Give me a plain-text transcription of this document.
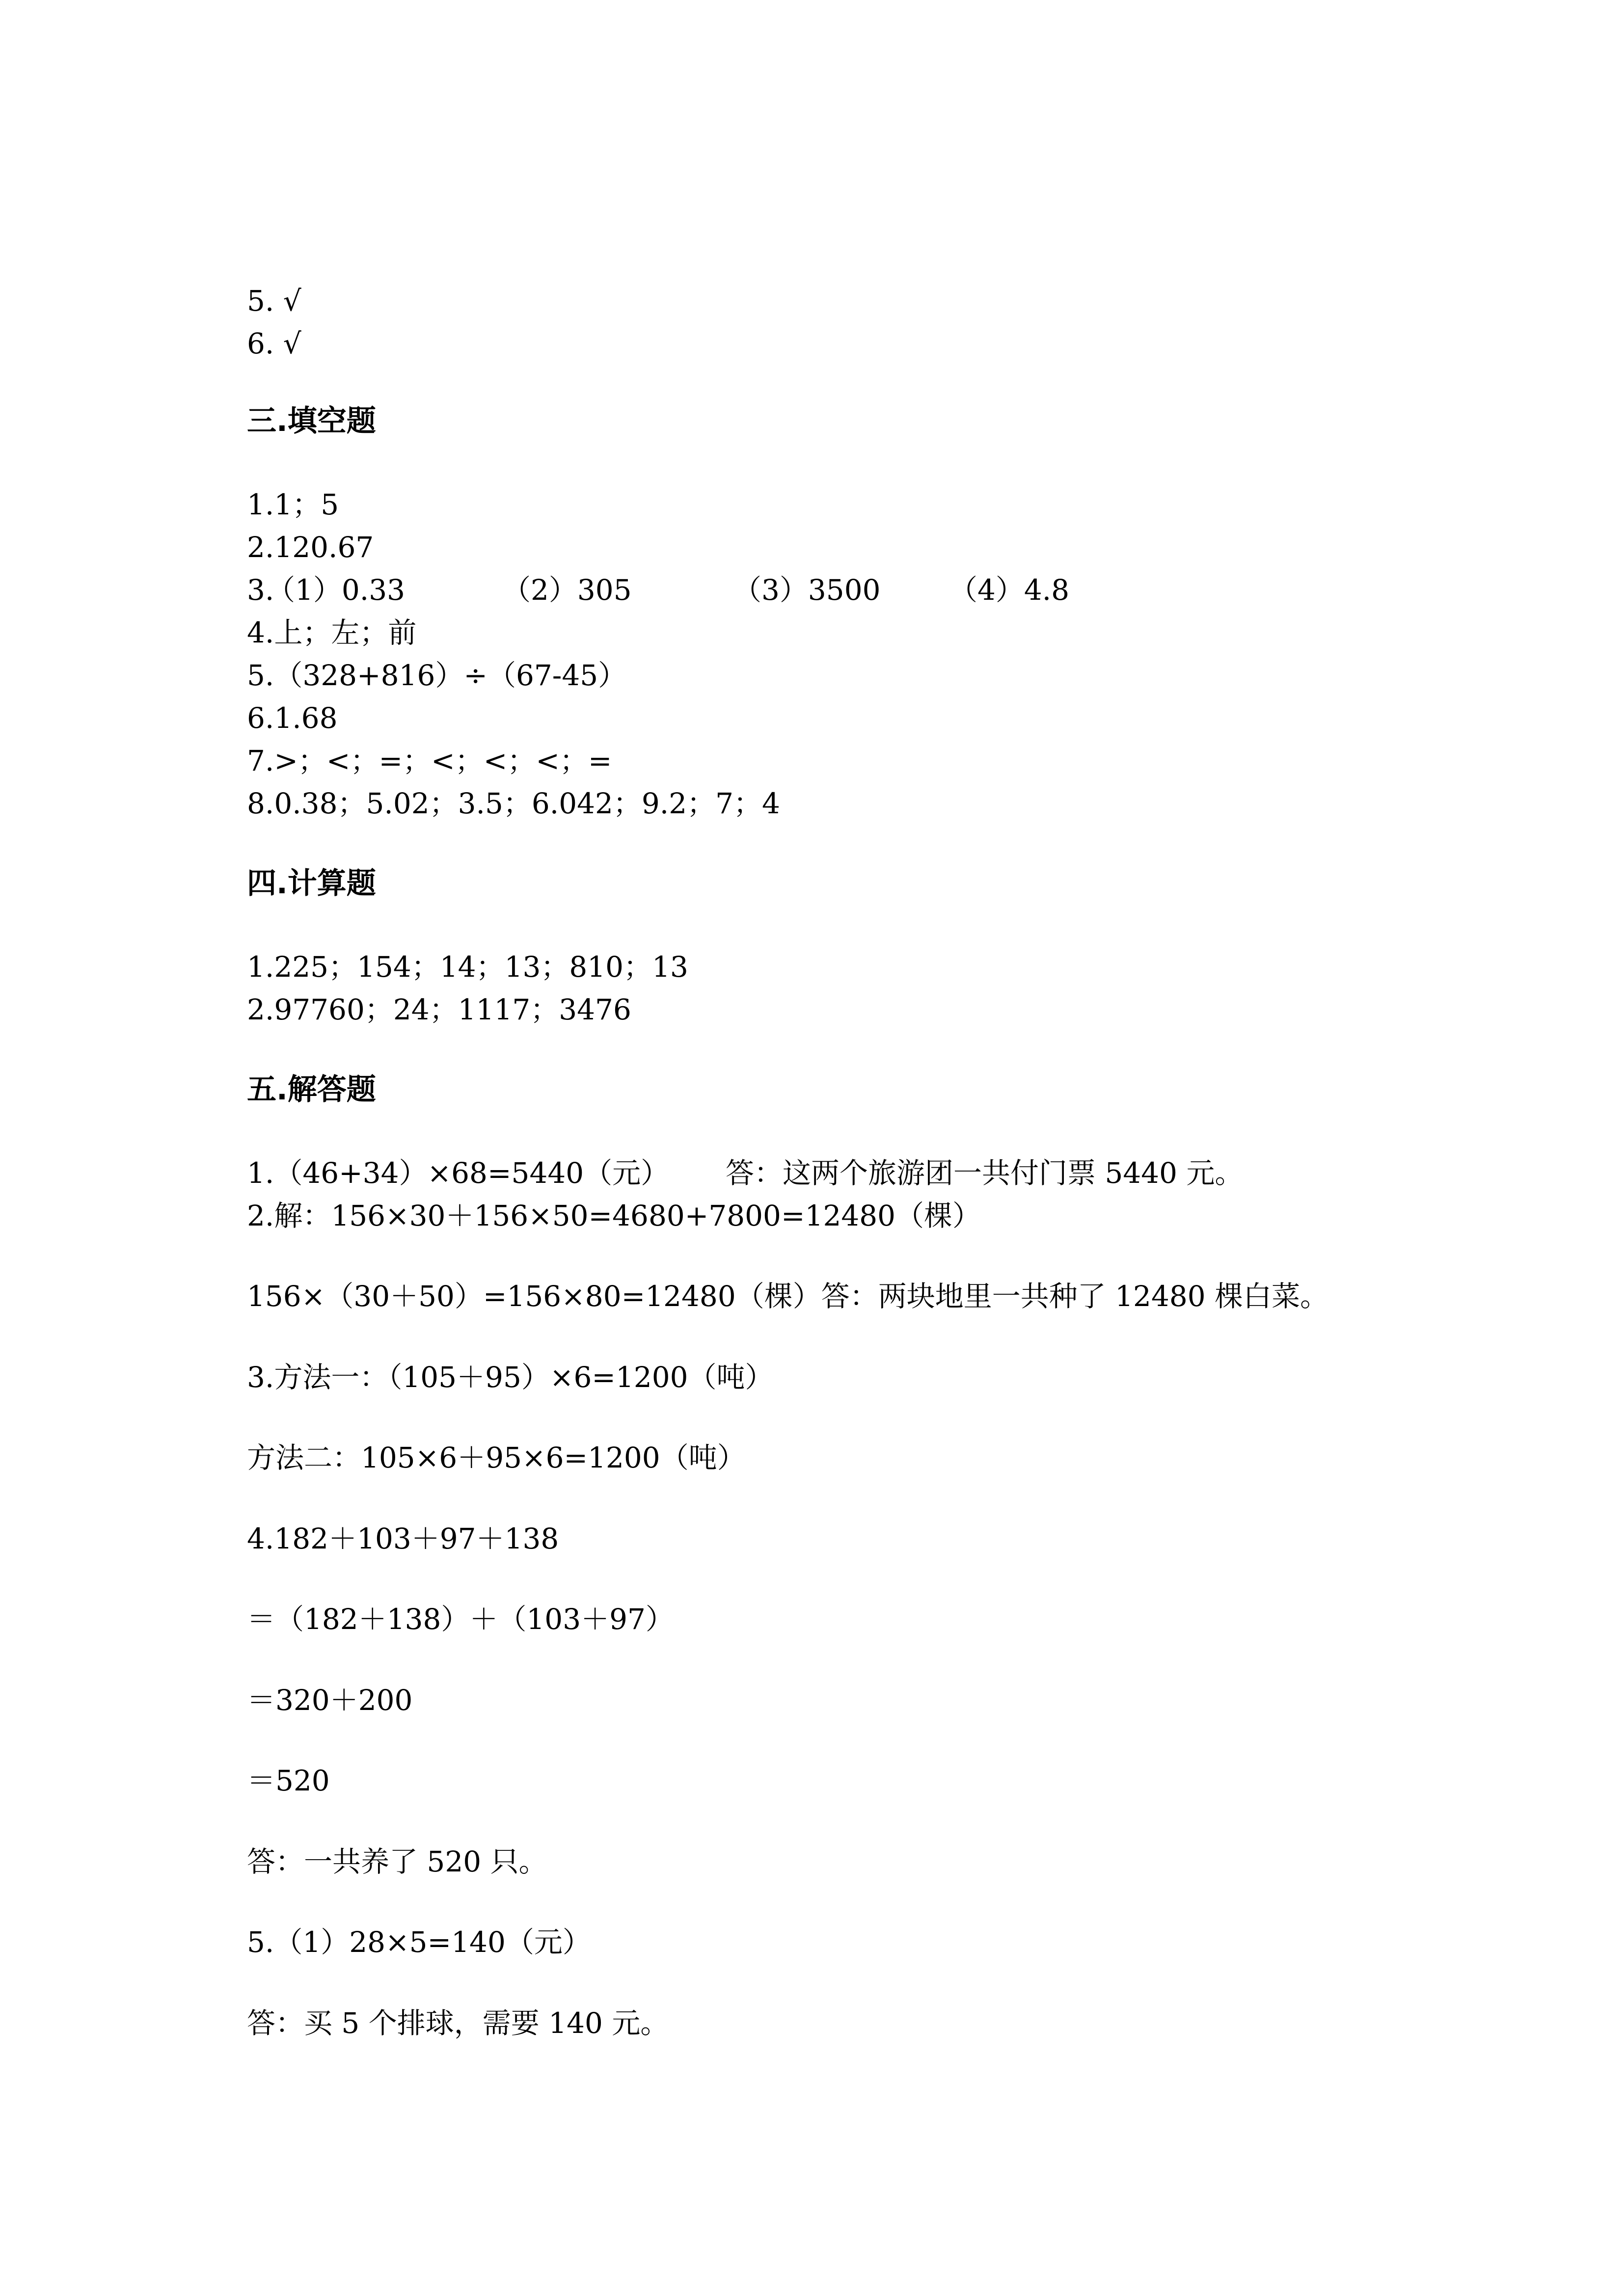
5. √
6. √
三.填空题
1.1；5
2.120.67

3.

（1）0.33

	（2）305

	（3）3500

（4）4.8

4.上；左；前
5.（328+816）÷（67-45）
6.1.68
7.>；<；=；<；<；<；=
8.0.38；5.02；3.5；6.042；9.2；7；4
四.计算题
1.225；154；14；13；810；13
2.97760；24；1117；3476
五.解答题

1.（46+34）×68=5440（元）

答：这两个旅游团一共付门票 5440 元。

2.解：156×30＋156×50=4680+7800=12480（棵）
156×（30＋50）=156×80=12480（棵）答：两块地里一共种了 12480 棵白菜。
3.方法一：（105＋95）×6=1200（吨）
方法二：105×6＋95×6=1200（吨）
4.182＋103＋97＋138
＝（182＋138）＋（103＋97）
＝320＋200
＝520
答：一共养了 520 只。
5.（1）28×5=140（元）
答：买 5 个排球，需要 140 元。
